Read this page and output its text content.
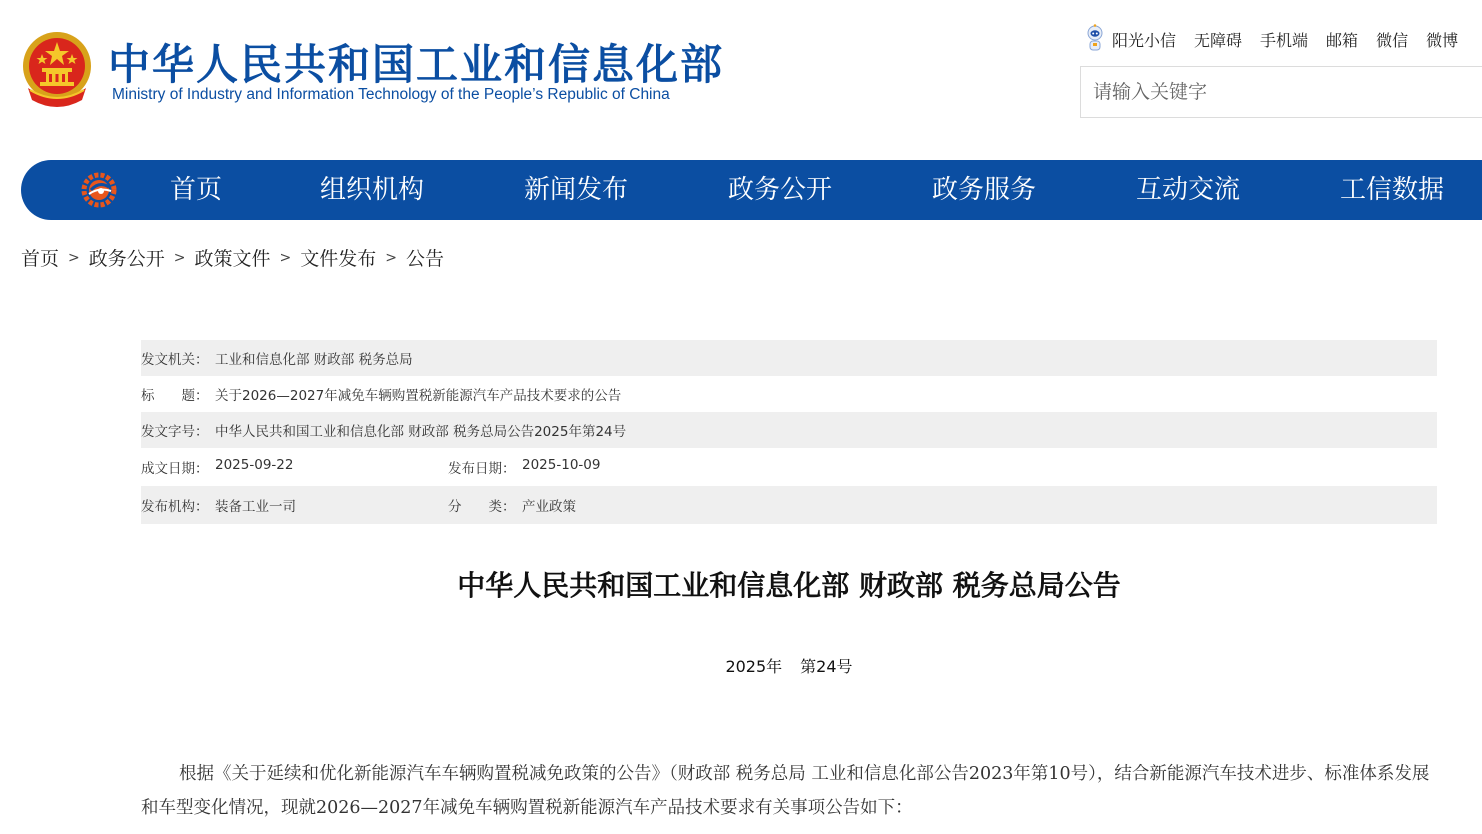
中华人民共和国工业和信息化部
Ministry of Industry and Information Technology of the People’s Republic of China
阳光小信 无障碍 手机端 邮箱 微信 微博
请输入关键字
首页	组织机构	新闻发布	政务公开	政务服务	互动交流	工信数据
首页 > 政务公开 > 政策文件 > 文件发布 > 公告
发文机关： 工业和信息化部 财政部 税务总局
标　　题： 关于2026—2027年减免车辆购置税新能源汽车产品技术要求的公告
发文字号： 中华人民共和国工业和信息化部 财政部 税务总局公告2025年第24号
成文日期： 2025-09-22	发布日期： 2025-10-09
发布机构： 装备工业一司	分　　类： 产业政策
中华人民共和国工业和信息化部 财政部 税务总局公告
2025年 第24号

根据《关于延续和优化新能源汽车车辆购置税减免政策的公告》（财政部 税务总局 工业和信息化部公告2023年第10号），结合新能源汽车技术进步、标准体系发展和车型变化情况，现就2026—2027年减免车辆购置税新能源汽车产品技术要求有关事项公告如下：
